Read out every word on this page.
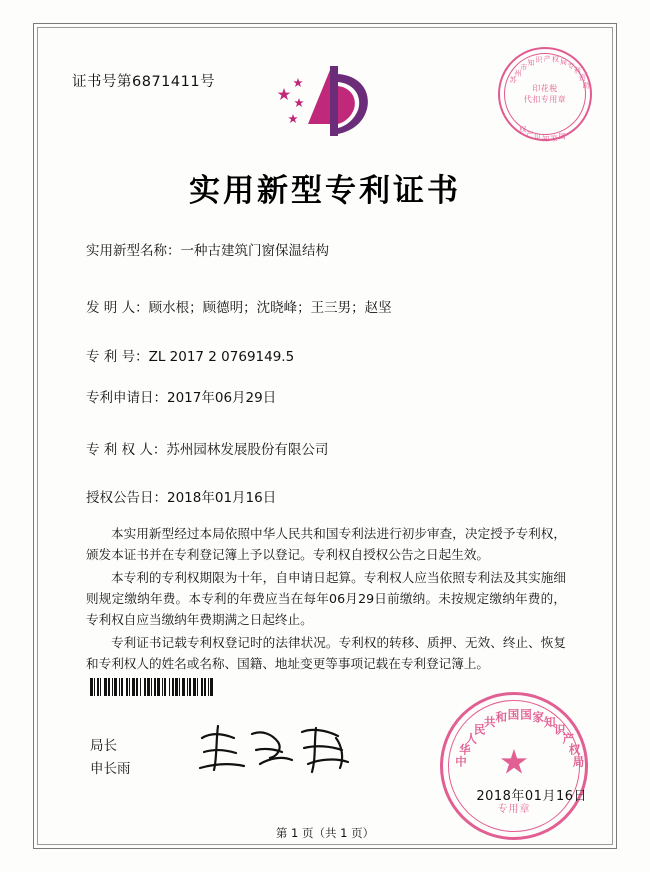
证书号第6871411号	苏
州
市
知 识 产 权 局 专
利
资
助
国
家
知
识
产
权
印花税
代扣专用章
实用新型专利证书
实用新型名称：一种古建筑门窗保温结构
发 明 人：顾水根；顾德明；沈晓峰；王三男；赵坚
专 利 号：ZL 2017 2 0769149.5
专利申请日：2017年06月29日
专 利 权 人：苏州园林发展股份有限公司
授权公告日：2018年01月16日

本实用新型经过本局依照中华人民共和国专利法进行初步审查，决定授予专利权，颁发本证书并在专利登记簿上予以登记。专利权自授权公告之日起生效。

本专利的专利权期限为十年，自申请日起算。专利权人应当依照专利法及其实施细则规定缴纳年费。本专利的年费应当在每年06月29日前缴纳。未按规定缴纳年费的，专利权自应当缴纳年费期满之日起终止。

专利证书记载专利权登记时的法律状况。专利权的转移、质押、无效、终止、恢复和专利权人的姓名或名称、国籍、地址变更等事项记载在专利登记簿上。

局长
申长雨	中
华
人
民
共 和 国 国 家 知
识
产
权
局
★
专用章
2018年01月16日
第 1 页（共 1 页）
